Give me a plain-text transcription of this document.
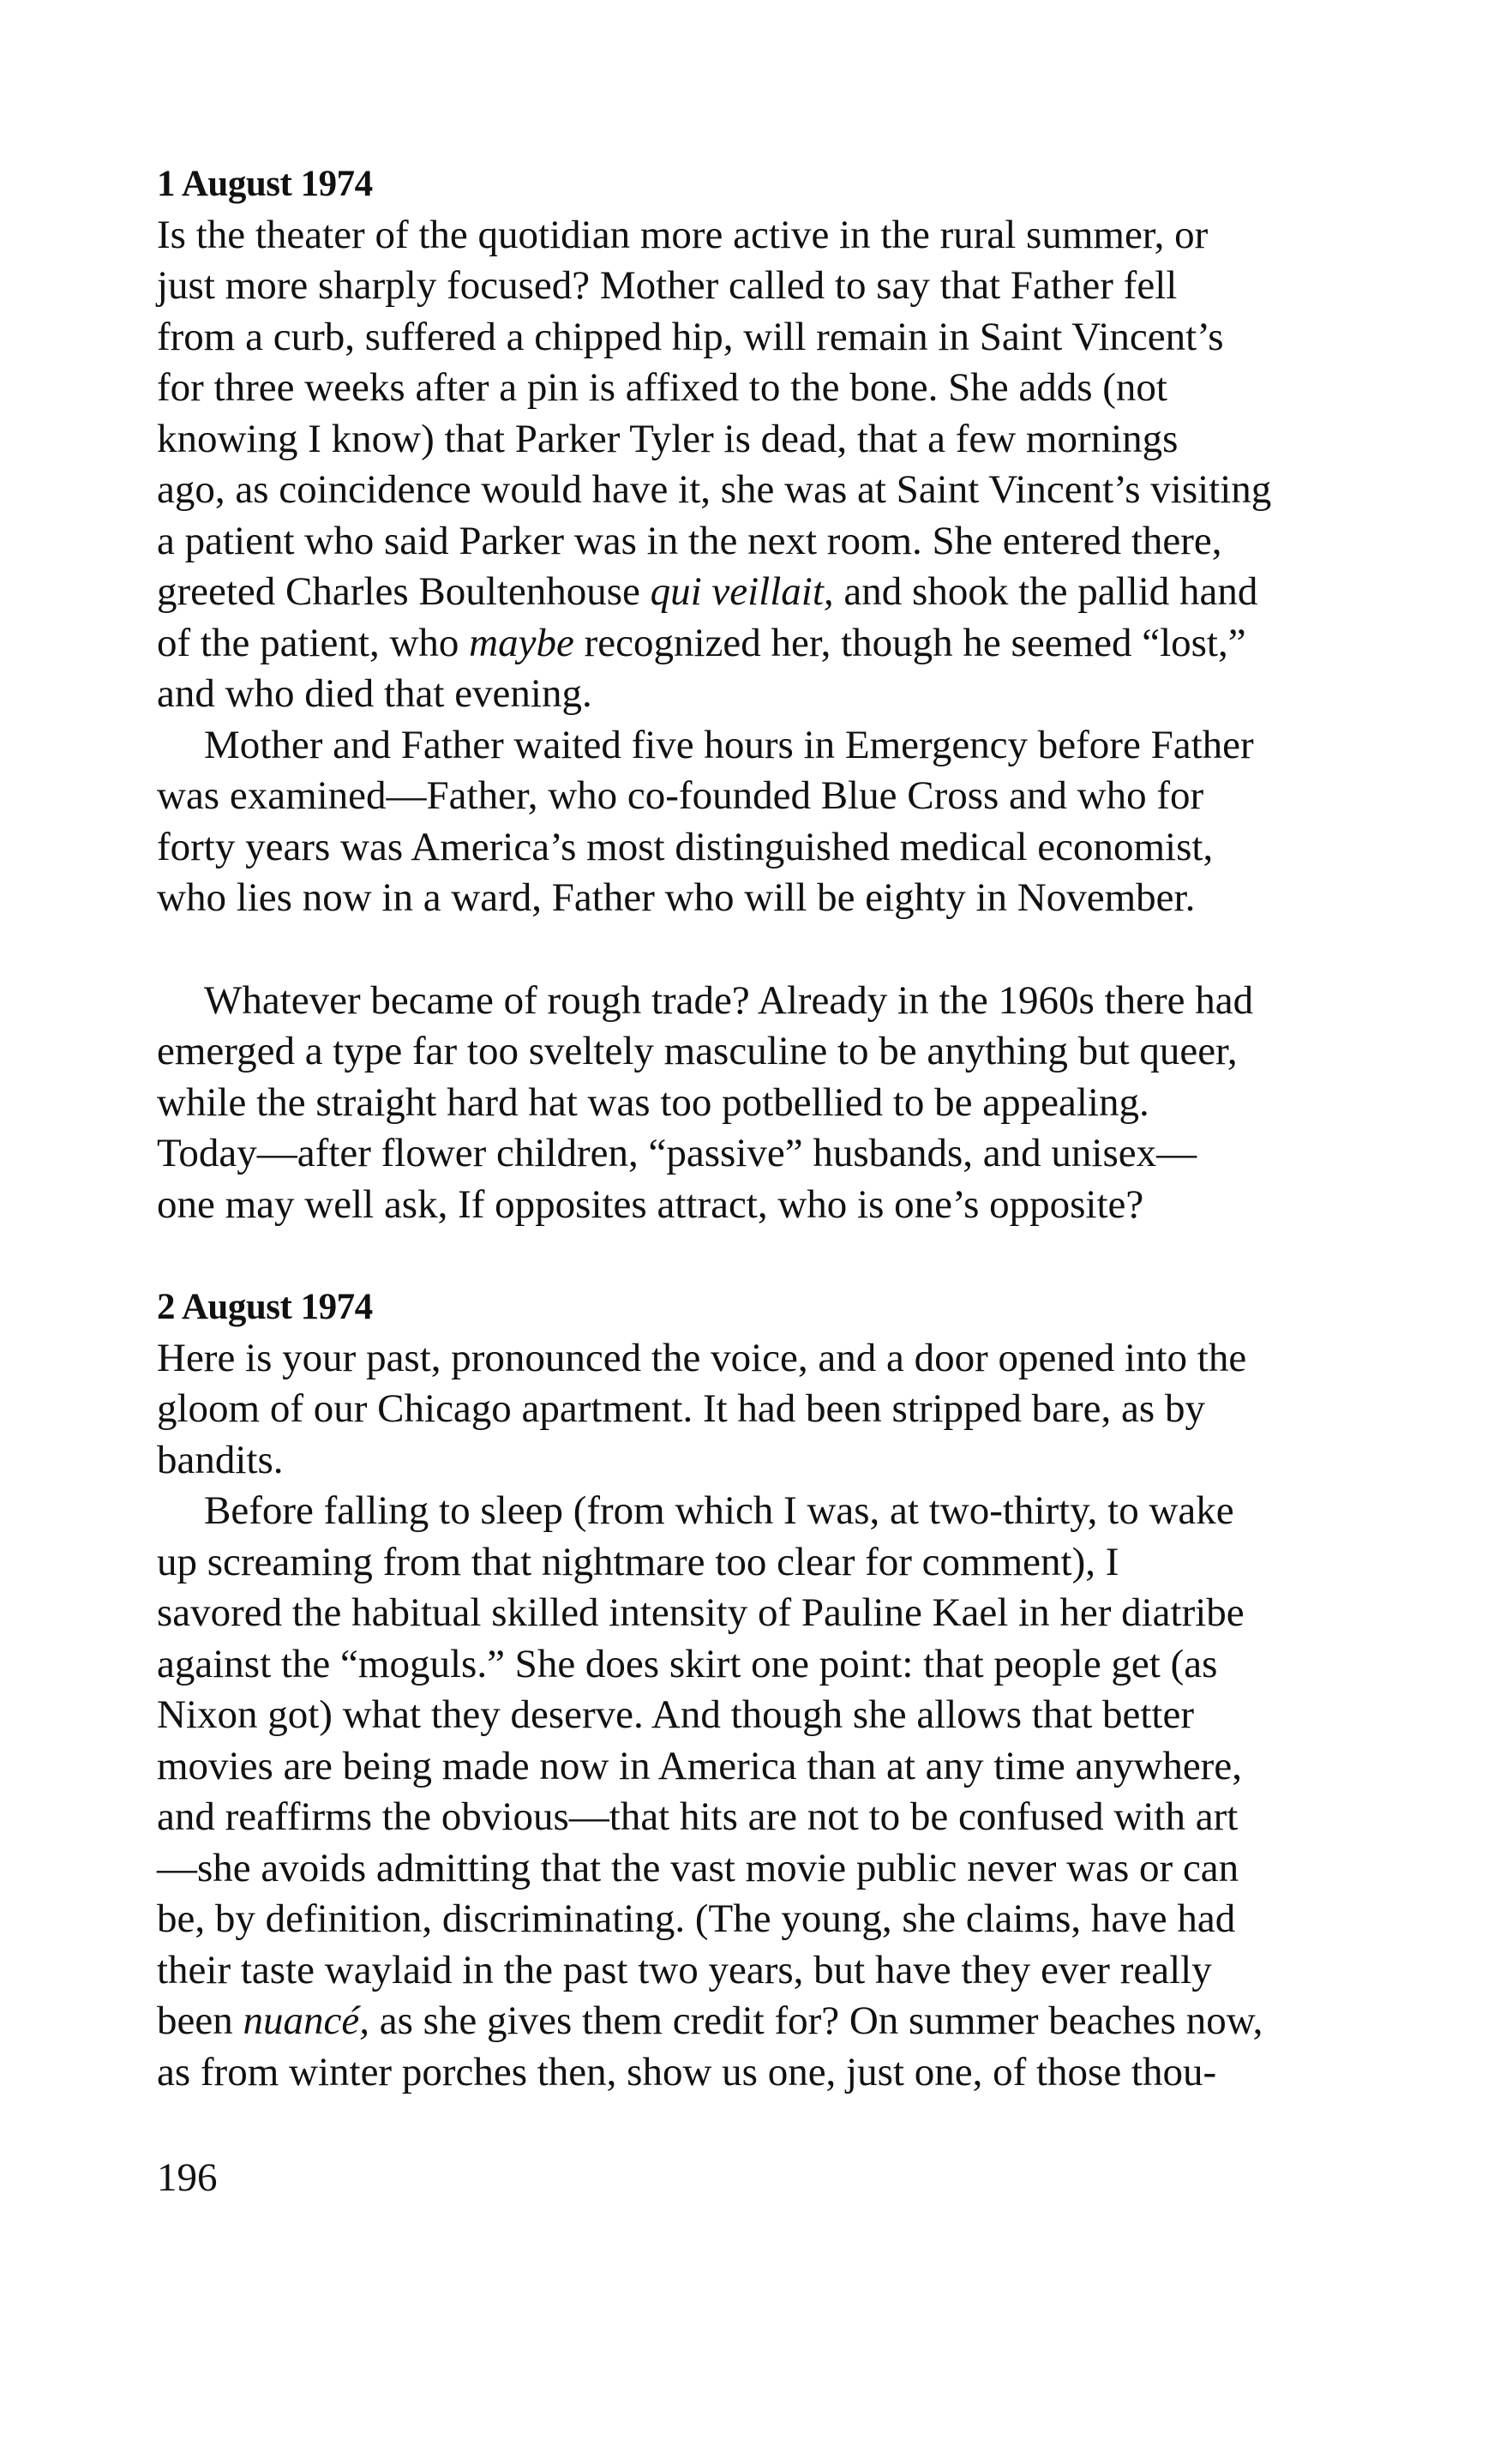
1 August 1974
Is the theater of the quotidian more active in the rural summer, or
just more sharply focused? Mother called to say that Father fell
from a curb, suffered a chipped hip, will remain in Saint Vincent’s
for three weeks after a pin is affixed to the bone. She adds (not
knowing I know) that Parker Tyler is dead, that a few mornings
ago, as coincidence would have it, she was at Saint Vincent’s visiting
a patient who said Parker was in the next room. She entered there,
greeted Charles Boultenhouse qui veillait, and shook the pallid hand
of the patient, who maybe recognized her, though he seemed “lost,”
and who died that evening.
Mother and Father waited five hours in Emergency before Father
was examined—Father, who co-founded Blue Cross and who for
forty years was America’s most distinguished medical economist,
who lies now in a ward, Father who will be eighty in November.
Whatever became of rough trade? Already in the 1960s there had
emerged a type far too sveltely masculine to be anything but queer,
while the straight hard hat was too potbellied to be appealing.
Today—after flower children, “passive” husbands, and unisex—
one may well ask, If opposites attract, who is one’s opposite?
2 August 1974
Here is your past, pronounced the voice, and a door opened into the
gloom of our Chicago apartment. It had been stripped bare, as by
bandits.
Before falling to sleep (from which I was, at two-thirty, to wake
up screaming from that nightmare too clear for comment), I
savored the habitual skilled intensity of Pauline Kael in her diatribe
against the “moguls.” She does skirt one point: that people get (as
Nixon got) what they deserve. And though she allows that better
movies are being made now in America than at any time anywhere,
and reaffirms the obvious—that hits are not to be confused with art
—she avoids admitting that the vast movie public never was or can
be, by definition, discriminating. (The young, she claims, have had
their taste waylaid in the past two years, but have they ever really
been nuancé, as she gives them credit for? On summer beaches now,
as from winter porches then, show us one, just one, of those thou-
196
